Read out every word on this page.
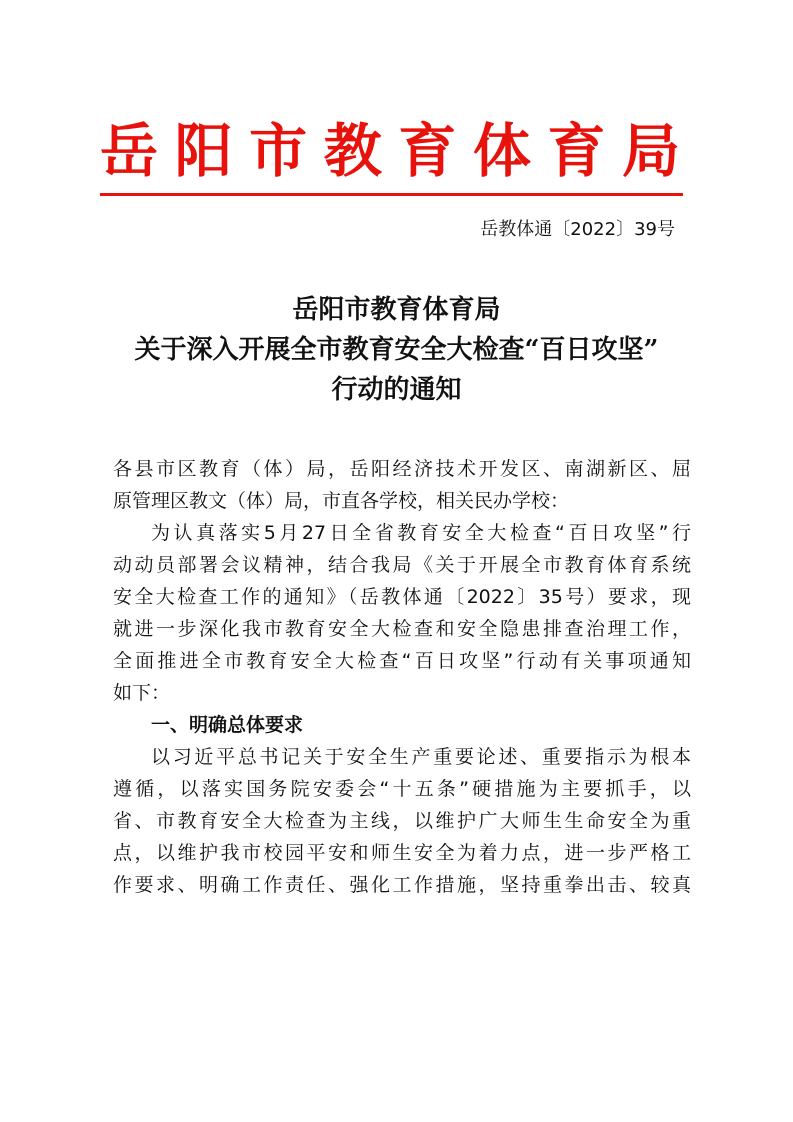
岳阳市教育体育局
岳教体通〔2022〕39号
岳阳市教育体育局
关于深入开展全市教育安全大检查“百日攻坚”
行动的通知

各县市区教育（体）局，岳阳经济技术开发区、南湖新区、屈

原管理区教文（体）局，市直各学校，相关民办学校：

为认真落实5月27日全省教育安全大检查“百日攻坚”行

动动员部署会议精神，结合我局《关于开展全市教育体育系统

安全大检查工作的通知》（岳教体通〔2022〕35号）要求，现

就进一步深化我市教育安全大检查和安全隐患排查治理工作，

全面推进全市教育安全大检查“百日攻坚”行动有关事项通知

如下：

一、明确总体要求

以习近平总书记关于安全生产重要论述、重要指示为根本

遵循，以落实国务院安委会“十五条”硬措施为主要抓手，以

省、市教育安全大检查为主线，以维护广大师生生命安全为重

点，以维护我市校园平安和师生安全为着力点，进一步严格工

作要求、明确工作责任、强化工作措施，坚持重拳出击、较真
